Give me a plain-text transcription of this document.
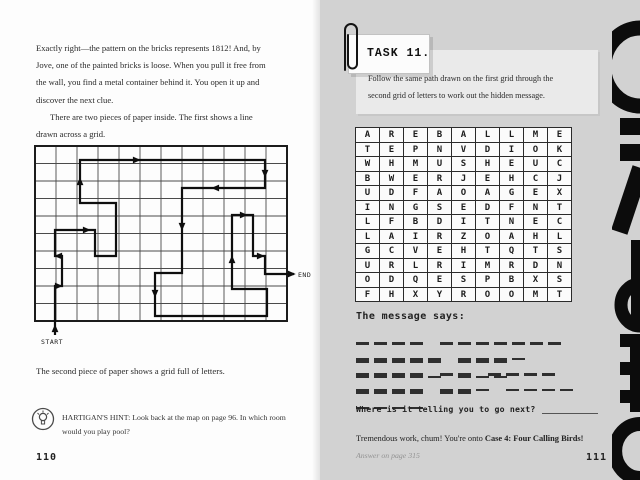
Exactly right—the pattern on the bricks represents 1812! And, by
Jove, one of the painted bricks is loose. When you pull it free from
the wall, you find a metal container behind it. You open it up and
discover the next clue.
There are two pieces of paper inside. The first shows a line
drawn across a grid.
START
END
The second piece of paper shows a grid full of letters.
HARTIGAN'S HINT: Look back at the map on page 96. In which room
would you play pool?
110
Follow the same path drawn on the first grid through the
second grid of letters to work out the hidden message.
TASK 11.
A	R	E	B	A	L	L	M	E
T	E	P	N	V	D	I	O	K
W	H	M	U	S	H	E	U	C
B	W	E	R	J	E	H	C	J
U	D	F	A	O	A	G	E	X
I	N	G	S	E	D	F	N	T
L	F	B	D	I	T	N	E	C
L	A	I	R	Z	O	A	H	L
G	C	V	E	H	T	Q	T	S
U	R	L	R	I	M	R	D	N
O	D	Q	E	S	P	B	X	S
F	H	X	Y	R	O	O	M	T
The message says:
Where is it telling you to go next?
Tremendous work, chum! You're onto Case 4: Four Calling Birds!
Answer on page 315	111
